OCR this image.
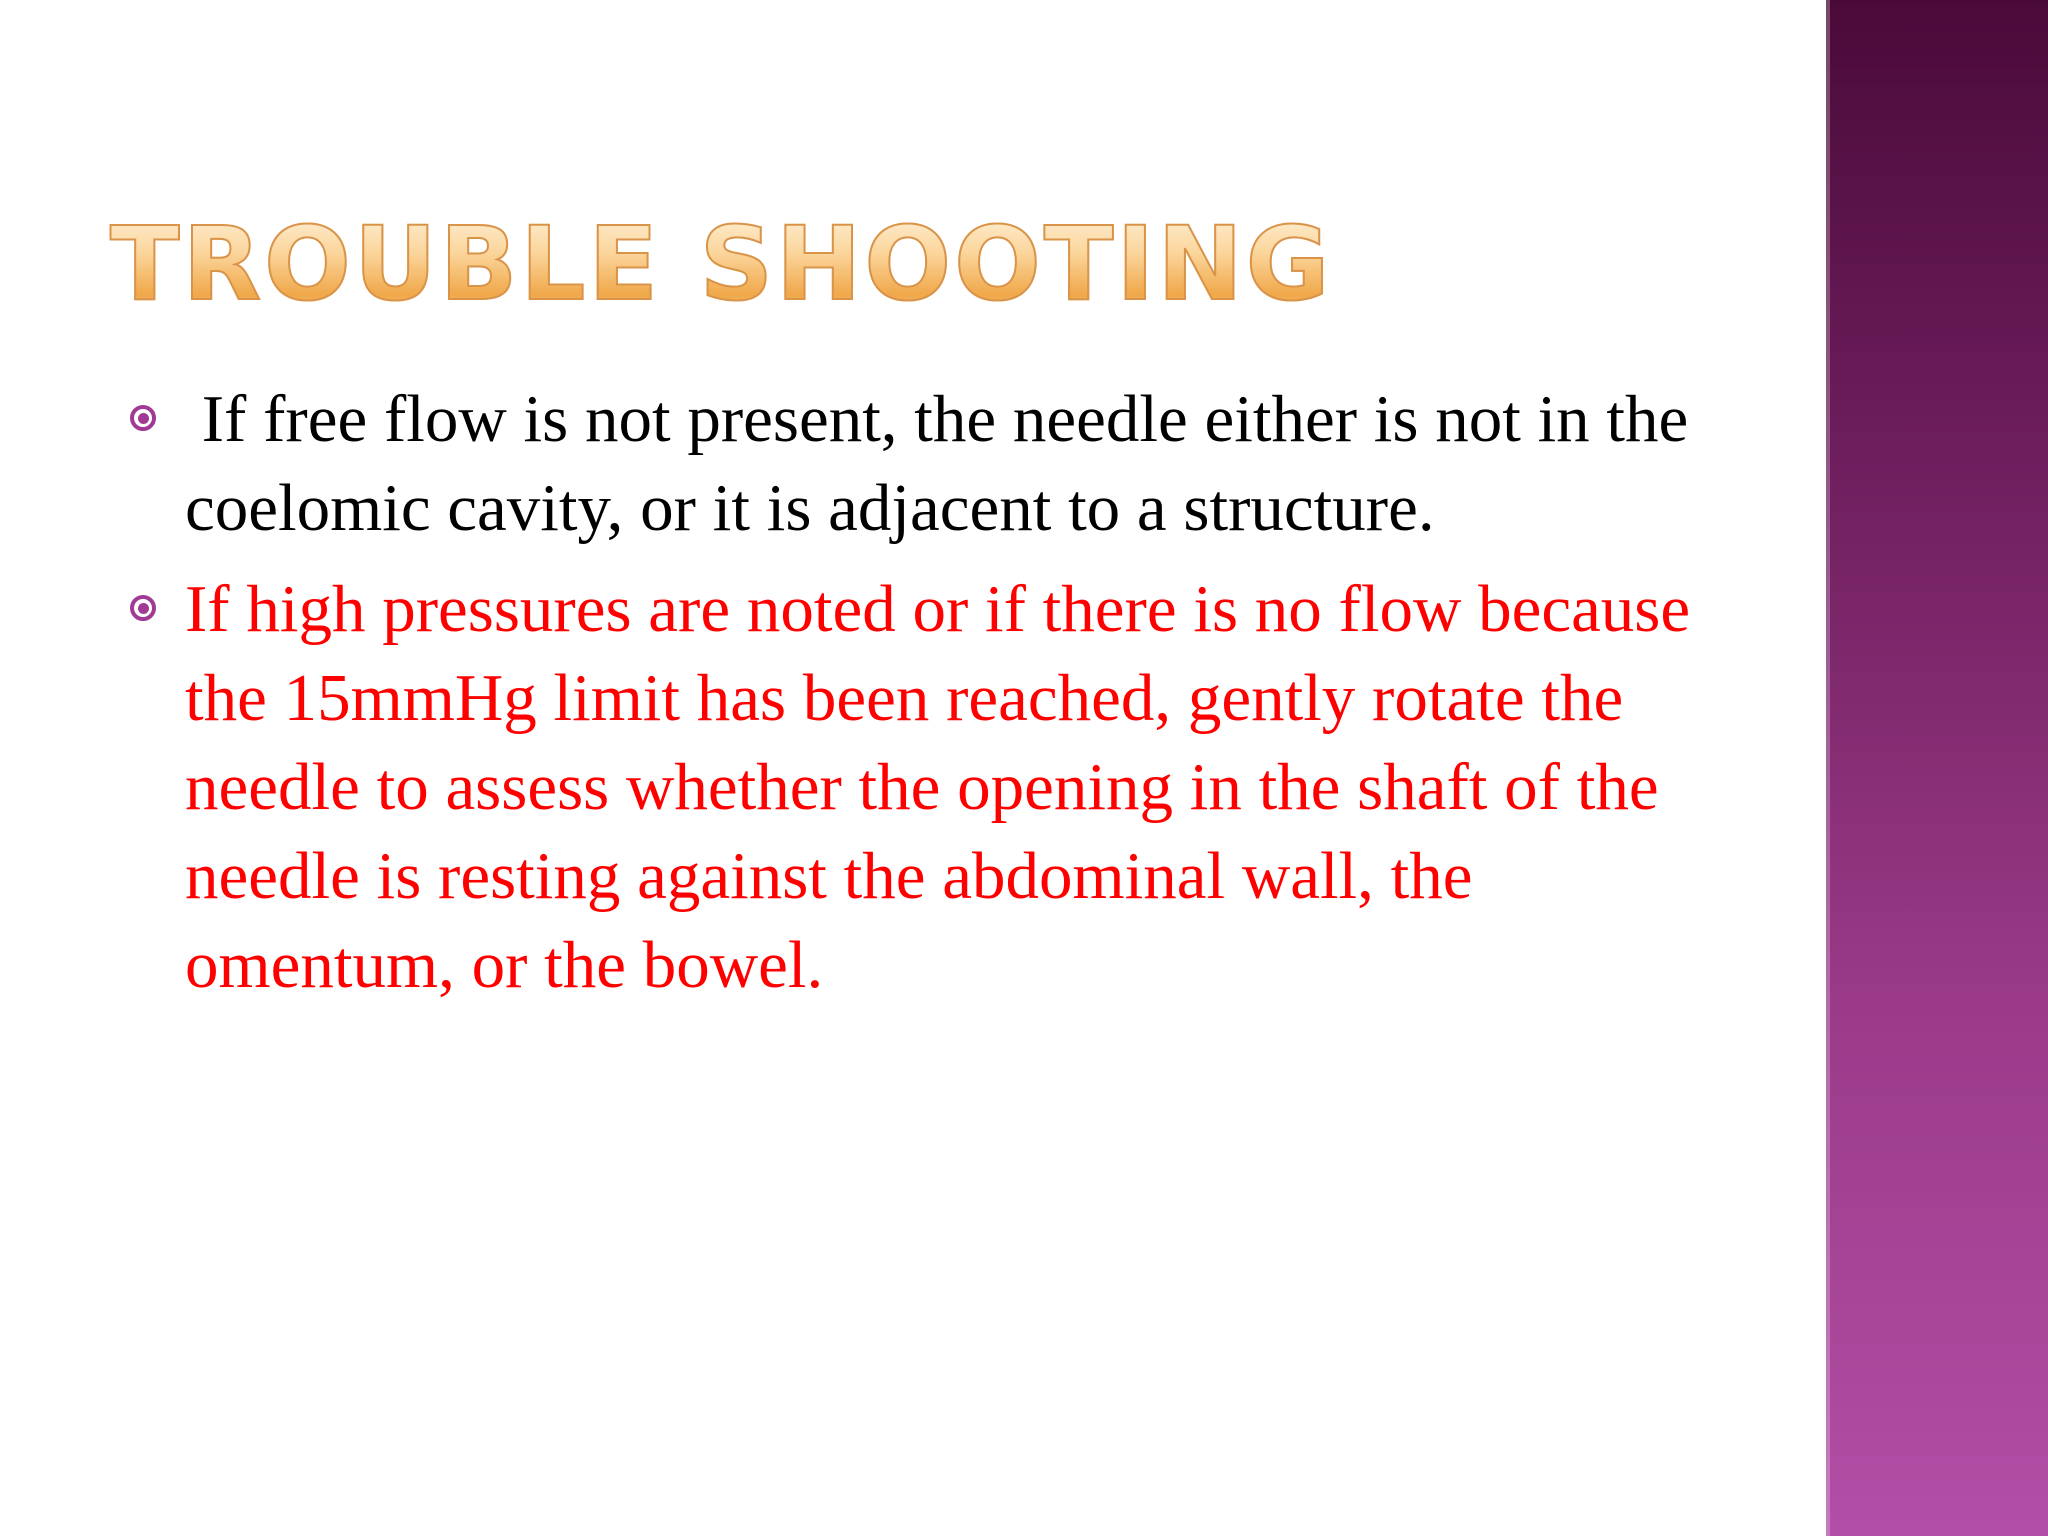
TROUBLE SHOOTING
If free flow is not present, the needle either is not in the coelomic cavity, or it is adjacent to a structure.
If high pressures are noted or if there is no flow because the 15mmHg limit has been reached, gently rotate the needle to assess whether the opening in the shaft of the needle is resting against the abdominal wall, the omentum, or the bowel.
